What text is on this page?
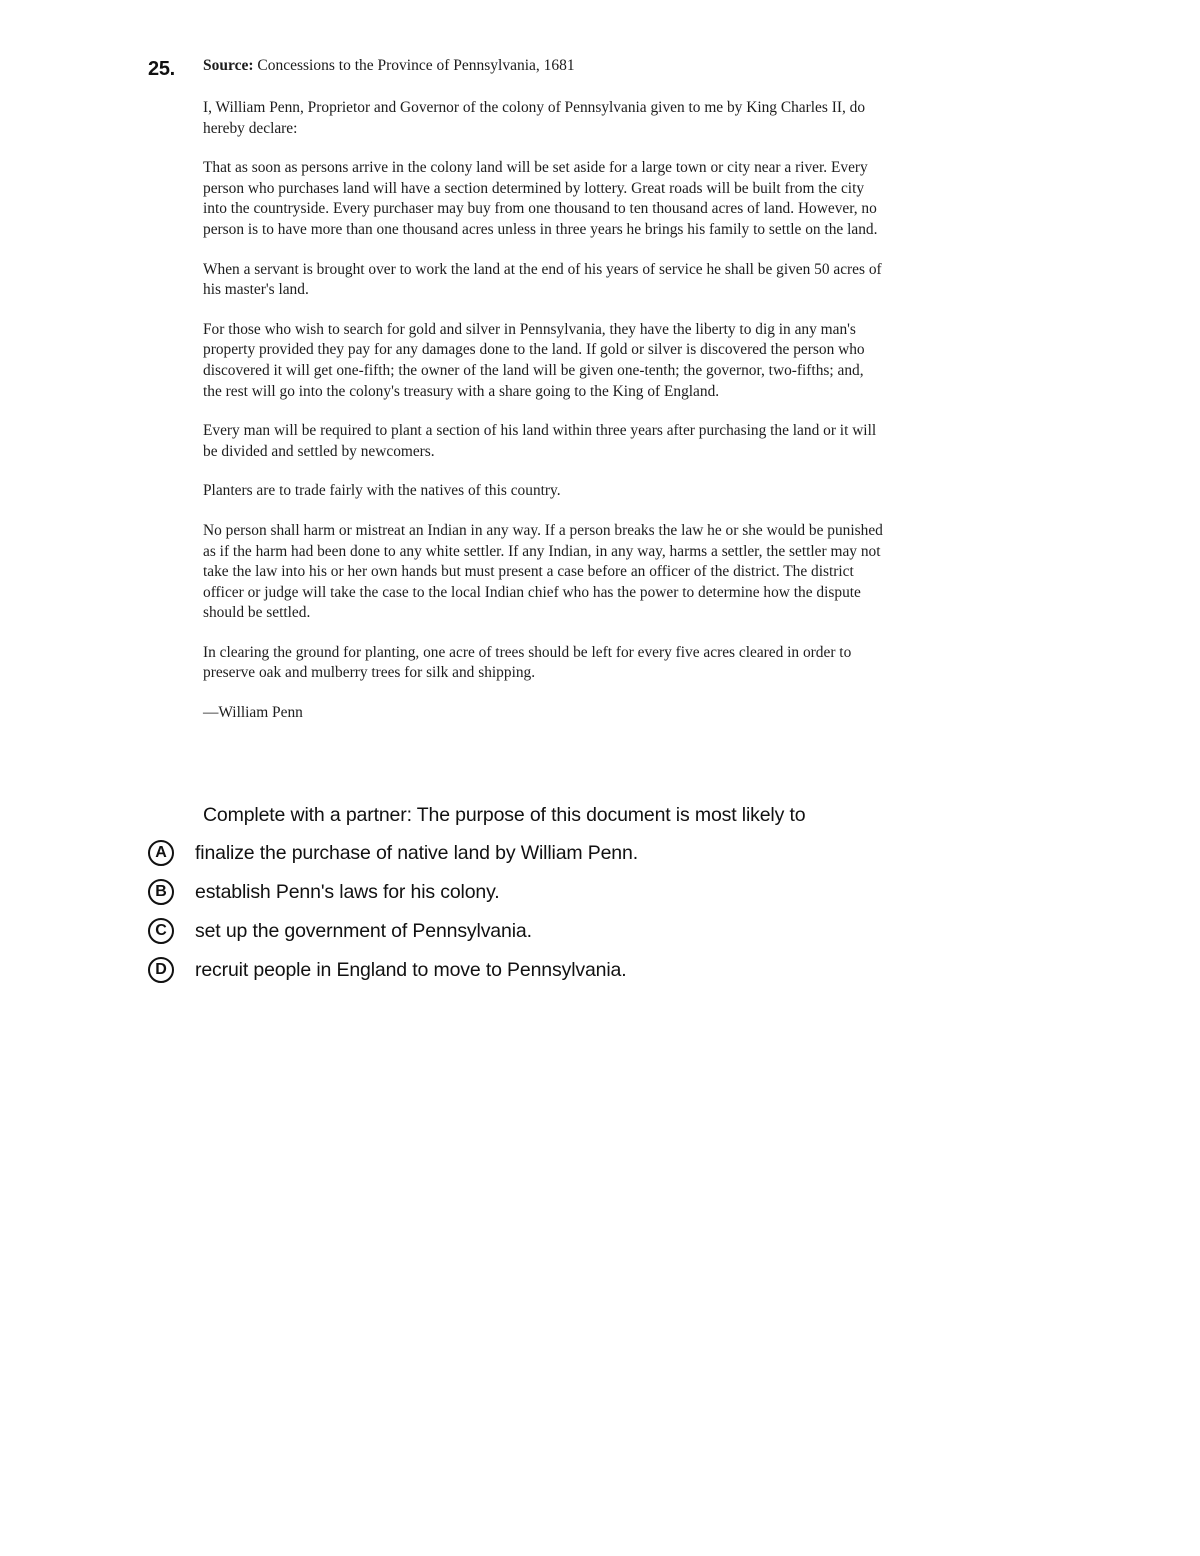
25. Source: Concessions to the Province of Pennsylvania, 1681

I, William Penn, Proprietor and Governor of the colony of Pennsylvania given to me by King Charles II, do hereby declare:

That as soon as persons arrive in the colony land will be set aside for a large town or city near a river. Every person who purchases land will have a section determined by lottery. Great roads will be built from the city into the countryside. Every purchaser may buy from one thousand to ten thousand acres of land. However, no person is to have more than one thousand acres unless in three years he brings his family to settle on the land.

When a servant is brought over to work the land at the end of his years of service he shall be given 50 acres of his master's land.

For those who wish to search for gold and silver in Pennsylvania, they have the liberty to dig in any man's property provided they pay for any damages done to the land. If gold or silver is discovered the person who discovered it will get one-fifth; the owner of the land will be given one-tenth; the governor, two-fifths; and, the rest will go into the colony's treasury with a share going to the King of England.

Every man will be required to plant a section of his land within three years after purchasing the land or it will be divided and settled by newcomers.

Planters are to trade fairly with the natives of this country.

No person shall harm or mistreat an Indian in any way. If a person breaks the law he or she would be punished as if the harm had been done to any white settler. If any Indian, in any way, harms a settler, the settler may not take the law into his or her own hands but must present a case before an officer of the district. The district officer or judge will take the case to the local Indian chief who has the power to determine how the dispute should be settled.

In clearing the ground for planting, one acre of trees should be left for every five acres cleared in order to preserve oak and mulberry trees for silk and shipping.

—William Penn

Complete with a partner: The purpose of this document is most likely to

A	finalize the purchase of native land by William Penn.
B	establish Penn's laws for his colony.
C	set up the government of Pennsylvania.
D	recruit people in England to move to Pennsylvania.
